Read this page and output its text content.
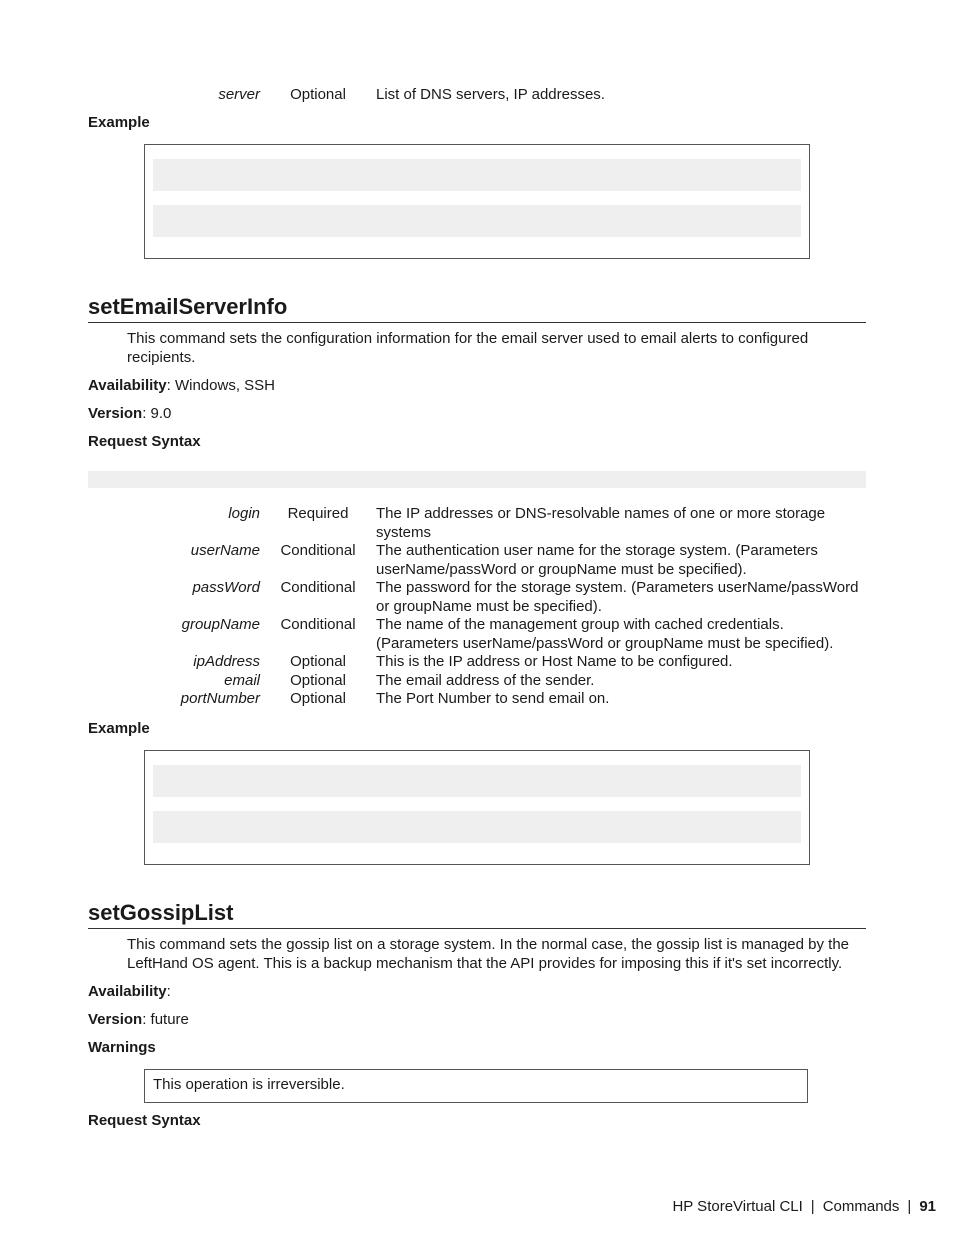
server	Optional	List of DNS servers, IP addresses.
Example
setEmailServerInfo
This command sets the configuration information for the email server used to email alerts to configured recipients.
Availability: Windows, SSH
Version: 9.0
Request Syntax
login	Required	The IP addresses or DNS-resolvable names of one or more storage systems
userName Conditional The authentication user name for the storage system. (Parameters userName/passWord or groupName must be specified).
passWord Conditional The password for the storage system. (Parameters userName/passWord or groupName must be specified).
groupName Conditional The name of the management group with cached credentials. (Parameters userName/passWord or groupName must be specified).
ipAddress	Optional	This is the IP address or Host Name to be configured.
email	Optional	The email address of the sender.
portNumber	Optional	The Port Number to send email on.
Example
setGossipList
This command sets the gossip list on a storage system. In the normal case, the gossip list is managed by the LeftHand OS agent. This is a backup mechanism that the API provides for imposing this if it's set incorrectly.
Availability:
Version: future
Warnings
This operation is irreversible.
Request Syntax
HP StoreVirtual CLI | Commands | 91
